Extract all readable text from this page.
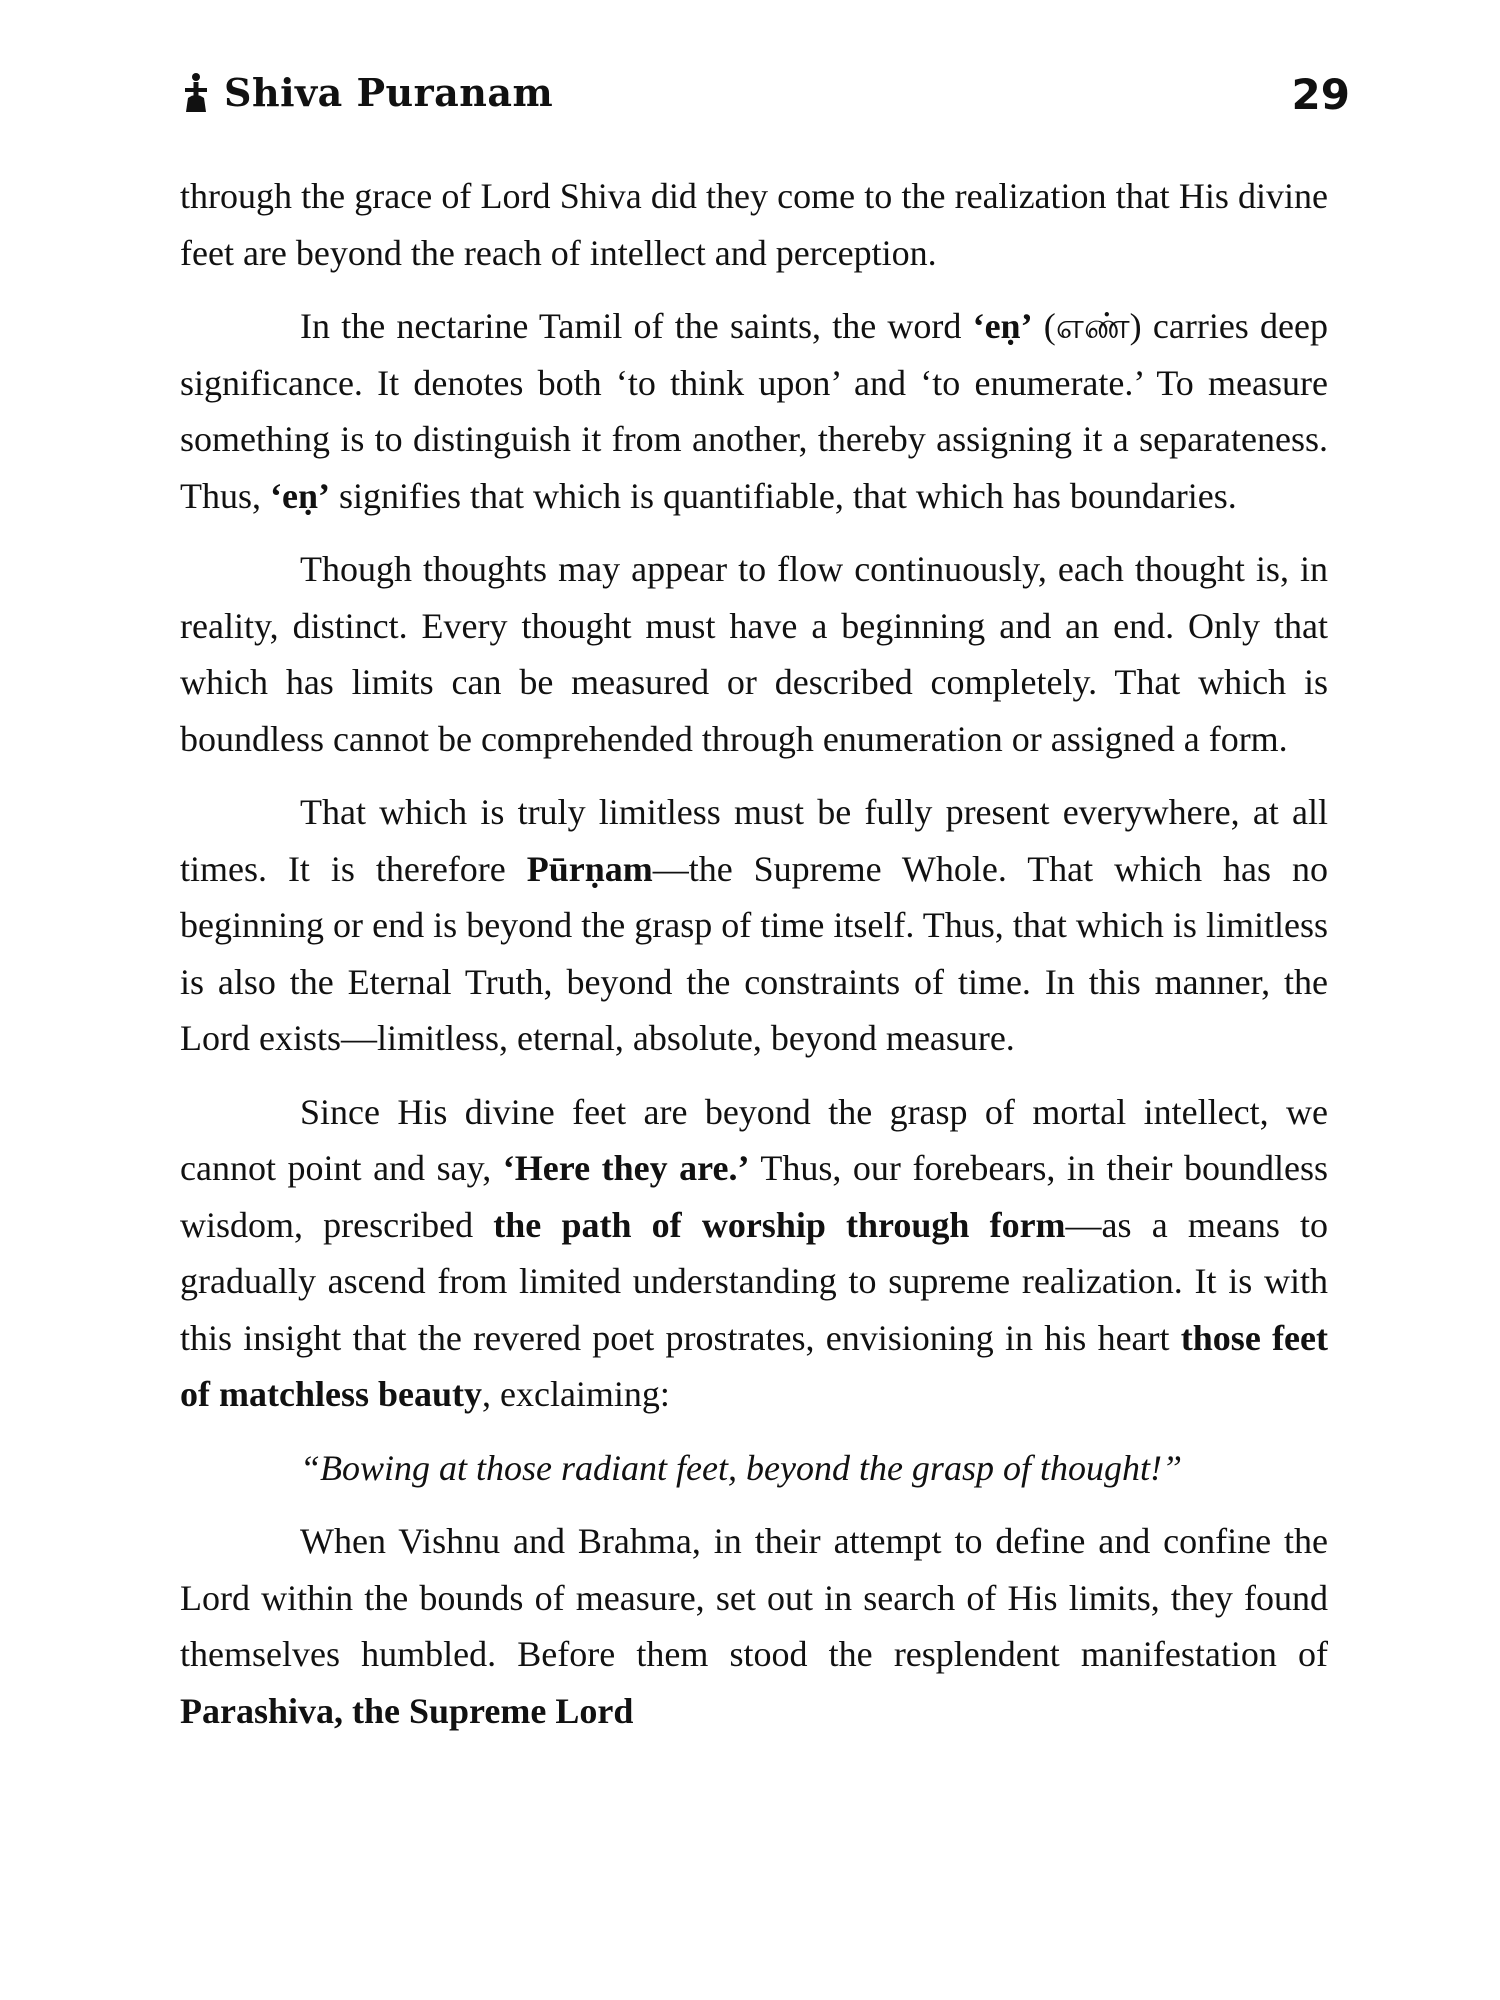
Shiva Puranam	29

through the grace of Lord Shiva did they come to the realization that His divine feet are beyond the reach of intellect and perception.

In the nectarine Tamil of the saints, the word ‘eṇ’ (எண்) carries deep significance. It denotes both ‘to think upon’ and ‘to enumerate.’ To measure something is to distinguish it from another, thereby assigning it a separateness. Thus, ‘eṇ’ signifies that which is quantifiable, that which has boundaries.

Though thoughts may appear to flow continuously, each thought is, in reality, distinct. Every thought must have a beginning and an end. Only that which has limits can be measured or described completely. That which is boundless cannot be comprehended through enumeration or assigned a form.

That which is truly limitless must be fully present everywhere, at all times. It is therefore Pūrṇam—the Supreme Whole. That which has no beginning or end is beyond the grasp of time itself. Thus, that which is limitless is also the Eternal Truth, beyond the constraints of time. In this manner, the Lord exists—limitless, eternal, absolute, beyond measure.

Since His divine feet are beyond the grasp of mortal intellect, we cannot point and say, ‘Here they are.’ Thus, our forebears, in their boundless wisdom, prescribed the path of worship through form—as a means to gradually ascend from limited understanding to supreme realization. It is with this insight that the revered poet prostrates, envisioning in his heart those feet of matchless beauty, exclaiming:

“Bowing at those radiant feet, beyond the grasp of thought!”

When Vishnu and Brahma, in their attempt to define and confine the Lord within the bounds of measure, set out in search of His limits, they found themselves humbled. Before them stood the resplendent manifestation of Parashiva, the Supreme Lord
